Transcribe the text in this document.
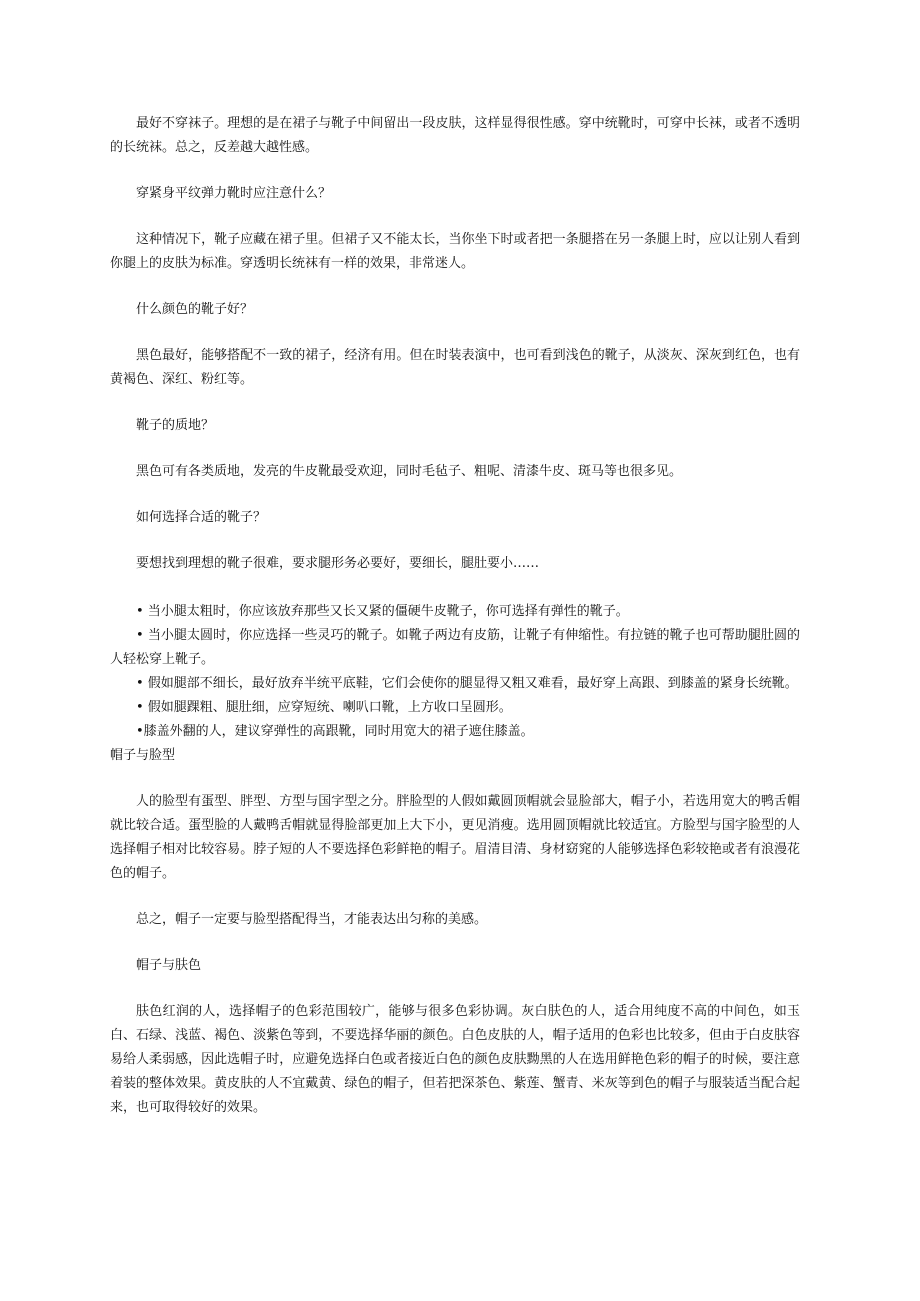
最好不穿袜子。理想的是在裙子与靴子中间留出一段皮肤，这样显得很性感。穿中统靴时，可穿中长袜，或者不透明的长统袜。总之，反差越大越性感。

穿紧身平纹弹力靴时应注意什么？

这种情况下，靴子应藏在裙子里。但裙子又不能太长，当你坐下时或者把一条腿搭在另一条腿上时，应以让别人看到你腿上的皮肤为标准。穿透明长统袜有一样的效果，非常迷人。

什么颜色的靴子好？

黑色最好，能够搭配不一致的裙子，经济有用。但在时装表演中，也可看到浅色的靴子，从淡灰、深灰到红色，也有黄褐色、深红、粉红等。

靴子的质地？

黑色可有各类质地，发亮的牛皮靴最受欢迎，同时毛毡子、粗呢、清漆牛皮、斑马等也很多见。

如何选择合适的靴子？

要想找到理想的靴子很难，要求腿形务必要好，要细长，腿肚要小……

• 当小腿太粗时，你应该放弃那些又长又紧的僵硬牛皮靴子，你可选择有弹性的靴子。
• 当小腿太圆时，你应选择一些灵巧的靴子。如靴子两边有皮筋，让靴子有伸缩性。有拉链的靴子也可帮助腿肚圆的人轻松穿上靴子。
• 假如腿部不细长，最好放弃半统平底鞋，它们会使你的腿显得又粗又难看，最好穿上高跟、到膝盖的紧身长统靴。
• 假如腿踝粗、腿肚细，应穿短统、喇叭口靴，上方收口呈圆形。
•膝盖外翻的人，建议穿弹性的高跟靴，同时用宽大的裙子遮住膝盖。

帽子与脸型

人的脸型有蛋型、胖型、方型与国字型之分。胖脸型的人假如戴圆顶帽就会显脸部大，帽子小，若选用宽大的鸭舌帽就比较合适。蛋型脸的人戴鸭舌帽就显得脸部更加上大下小，更见消瘦。选用圆顶帽就比较适宜。方脸型与国字脸型的人选择帽子相对比较容易。脖子短的人不要选择色彩鲜艳的帽子。眉清目清、身材窈窕的人能够选择色彩较艳或者有浪漫花色的帽子。

总之，帽子一定要与脸型搭配得当，才能表达出匀称的美感。

帽子与肤色

肤色红润的人，选择帽子的色彩范围较广，能够与很多色彩协调。灰白肤色的人，适合用纯度不高的中间色，如玉白、石绿、浅蓝、褐色、淡紫色等到，不要选择华丽的颜色。白色皮肤的人，帽子适用的色彩也比较多，但由于白皮肤容易给人柔弱感，因此选帽子时，应避免选择白色或者接近白色的颜色皮肤黝黑的人在选用鲜艳色彩的帽子的时候，要注意着装的整体效果。黄皮肤的人不宜戴黄、绿色的帽子，但若把深茶色、紫莲、蟹青、米灰等到色的帽子与服装适当配合起来，也可取得较好的效果。
